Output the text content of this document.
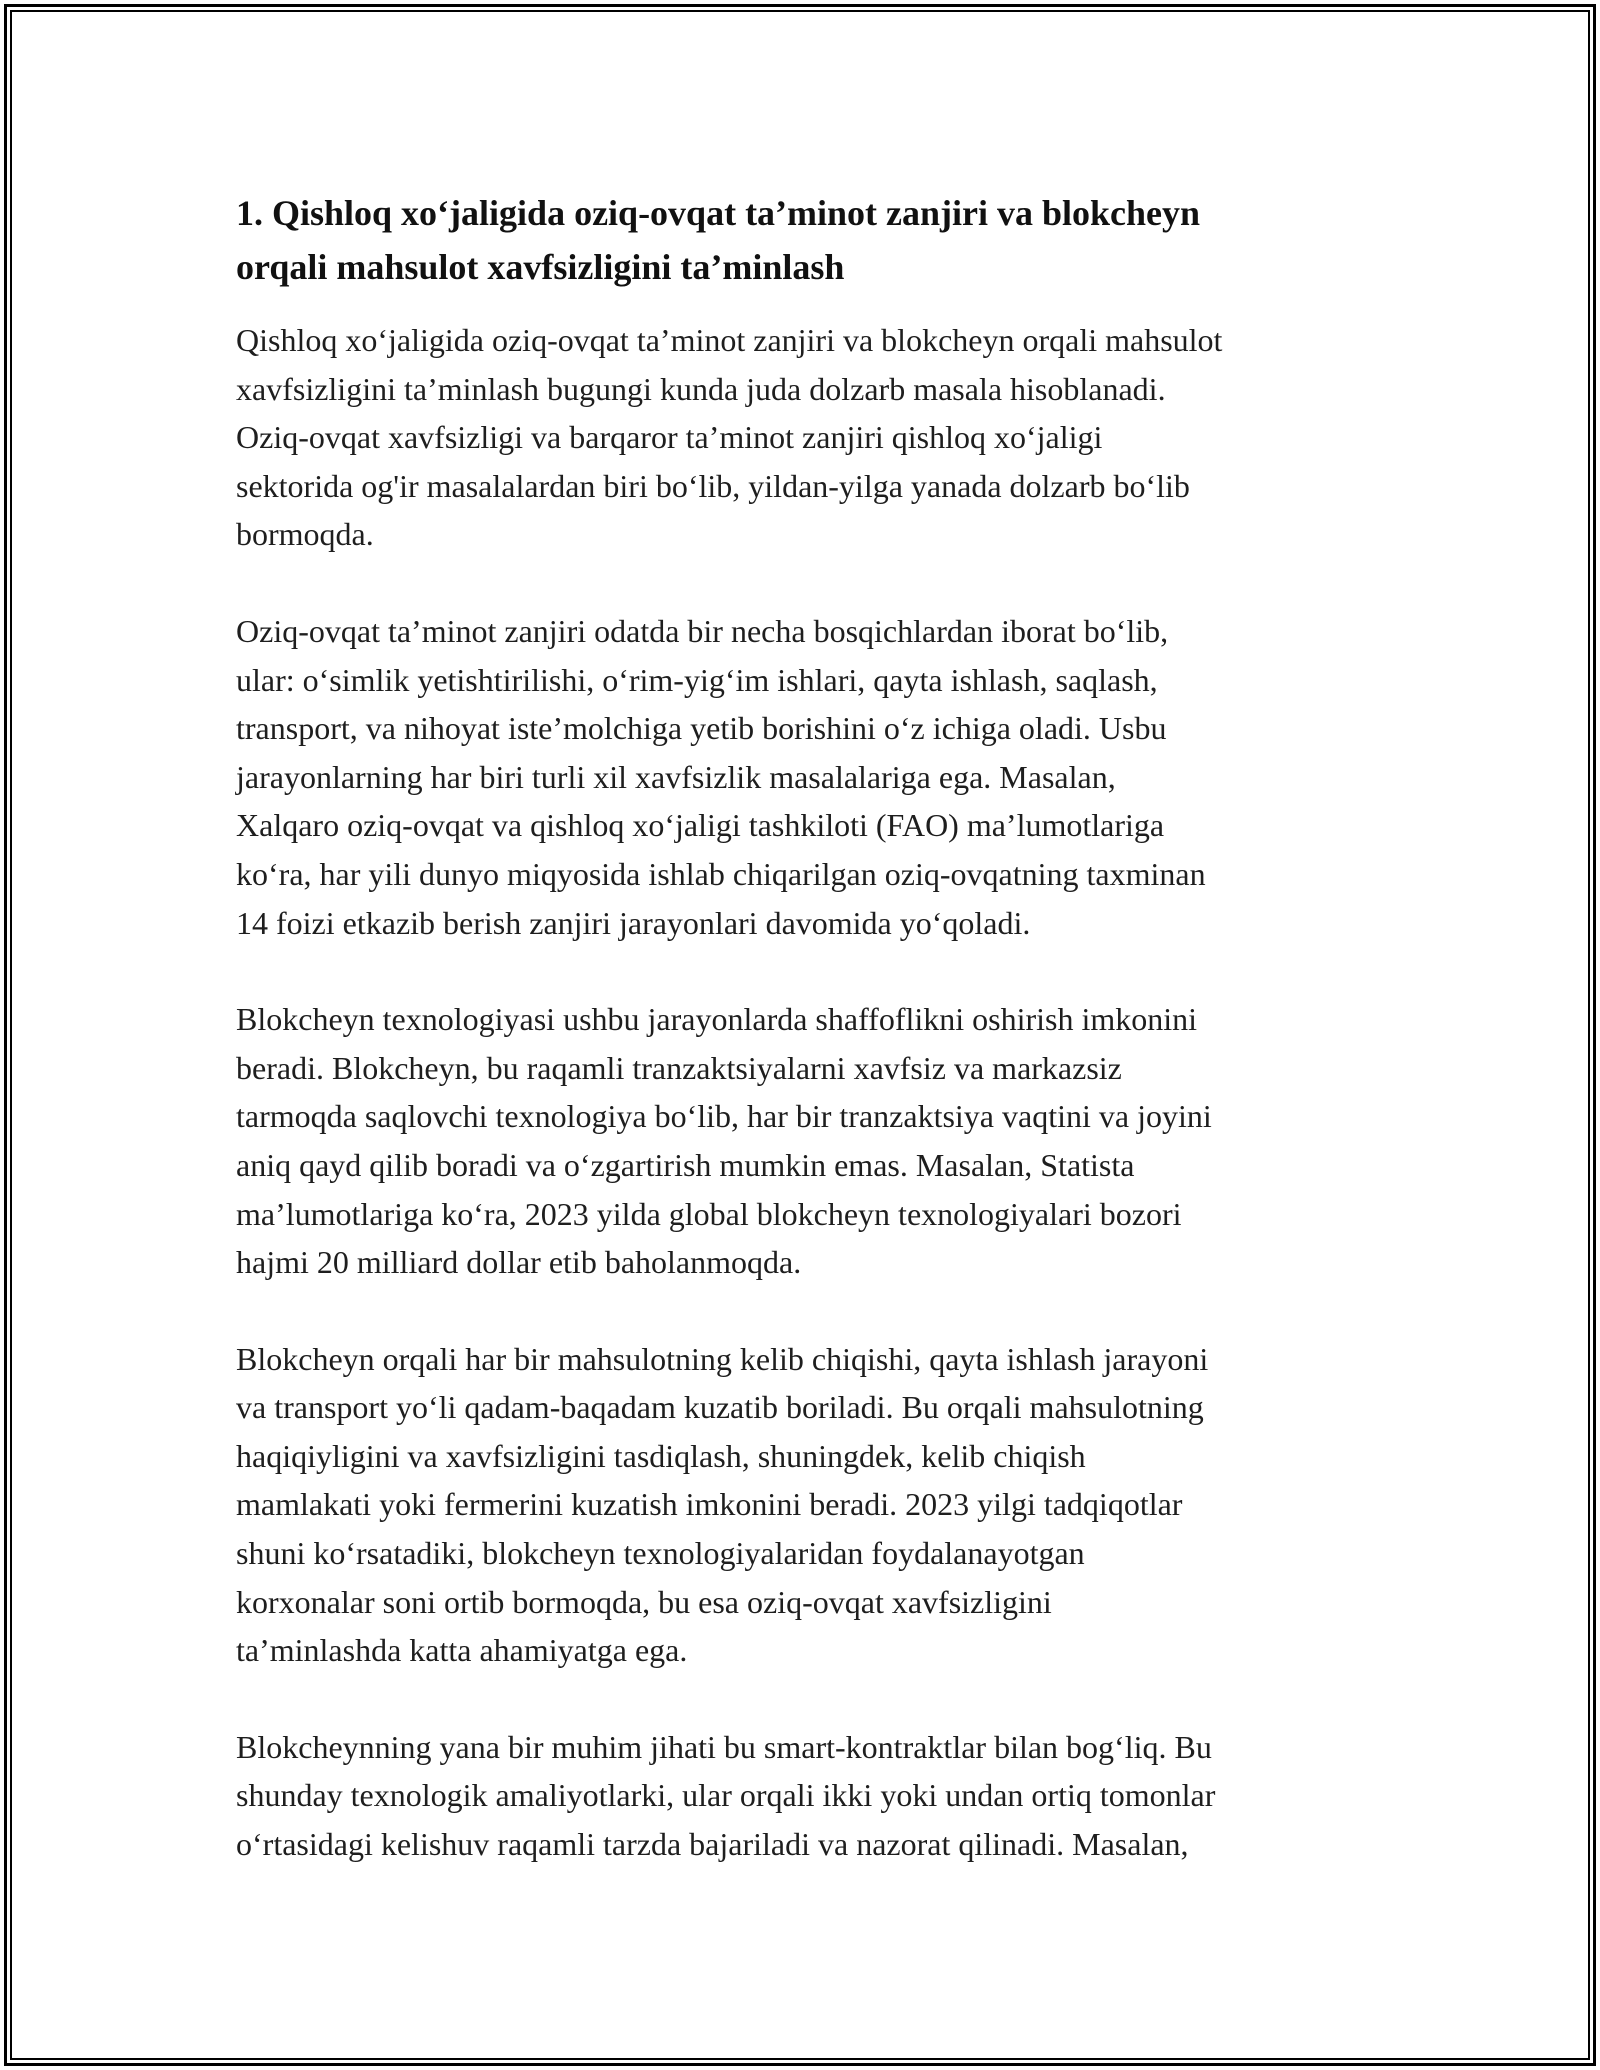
1. Qishloq xo‘jaligida oziq-ovqat ta’minot zanjiri va blokcheyn
orqali mahsulot xavfsizligini ta’minlash

Qishloq xo‘jaligida oziq-ovqat ta’minot zanjiri va blokcheyn orqali mahsulot
xavfsizligini ta’minlash bugungi kunda juda dolzarb masala hisoblanadi.
Oziq-ovqat xavfsizligi va barqaror ta’minot zanjiri qishloq xo‘jaligi
sektorida og'ir masalalardan biri bo‘lib, yildan-yilga yanada dolzarb bo‘lib
bormoqda.

Oziq-ovqat ta’minot zanjiri odatda bir necha bosqichlardan iborat bo‘lib,
ular: o‘simlik yetishtirilishi, o‘rim-yig‘im ishlari, qayta ishlash, saqlash,
transport, va nihoyat iste’molchiga yetib borishini o‘z ichiga oladi. Usbu
jarayonlarning har biri turli xil xavfsizlik masalalariga ega. Masalan,
Xalqaro oziq-ovqat va qishloq xo‘jaligi tashkiloti (FAO) ma’lumotlariga
ko‘ra, har yili dunyo miqyosida ishlab chiqarilgan oziq-ovqatning taxminan
14 foizi etkazib berish zanjiri jarayonlari davomida yo‘qoladi.

Blokcheyn texnologiyasi ushbu jarayonlarda shaffoflikni oshirish imkonini
beradi. Blokcheyn, bu raqamli tranzaktsiyalarni xavfsiz va markazsiz
tarmoqda saqlovchi texnologiya bo‘lib, har bir tranzaktsiya vaqtini va joyini
aniq qayd qilib boradi va o‘zgartirish mumkin emas. Masalan, Statista
ma’lumotlariga ko‘ra, 2023 yilda global blokcheyn texnologiyalari bozori
hajmi 20 milliard dollar etib baholanmoqda.

Blokcheyn orqali har bir mahsulotning kelib chiqishi, qayta ishlash jarayoni
va transport yo‘li qadam-baqadam kuzatib boriladi. Bu orqali mahsulotning
haqiqiyligini va xavfsizligini tasdiqlash, shuningdek, kelib chiqish
mamlakati yoki fermerini kuzatish imkonini beradi. 2023 yilgi tadqiqotlar
shuni ko‘rsatadiki, blokcheyn texnologiyalaridan foydalanayotgan
korxonalar soni ortib bormoqda, bu esa oziq-ovqat xavfsizligini
ta’minlashda katta ahamiyatga ega.

Blokcheynning yana bir muhim jihati bu smart-kontraktlar bilan bog‘liq. Bu
shunday texnologik amaliyotlarki, ular orqali ikki yoki undan ortiq tomonlar
o‘rtasidagi kelishuv raqamli tarzda bajariladi va nazorat qilinadi. Masalan,
